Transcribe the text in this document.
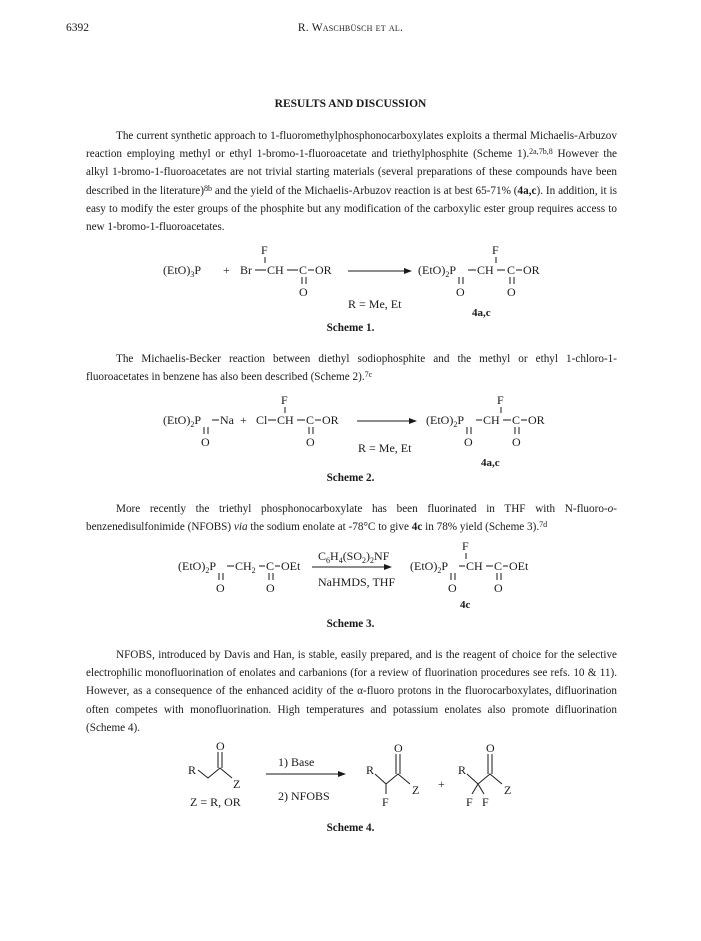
6392	R. Waschbüsch et al.
RESULTS AND DISCUSSION

The current synthetic approach to 1-fluoromethylphosphonocarboxylates exploits a thermal Michaelis-Arbuzov reaction employing methyl or ethyl 1-bromo-1-fluoroacetate and triethylphosphite (Scheme 1).$^{2a,7b,8}$ However the alkyl 1-bromo-1-fluoroacetates are not trivial starting materials (several preparations of these compounds have been described in the literature)$^{8b}$ and the yield of the Michaelis-Arbuzov reaction is at best 65-71% (4a,c). In addition, it is easy to modify the ester groups of the phosphite but any modification of the carboxylic ester group requires access to new 1-bromo-1-fluoroacetates.

$(EtO)_3P + Br$
F
CH C OR
O
R = Me, Et
$(EtO)_2P$
O
F
CH C OR
O
4a,c
Scheme 1.

The Michaelis-Becker reaction between diethyl sodiophosphite and the methyl or ethyl 1-chloro-1-fluoroacetates in benzene has also been described (Scheme 2).$^{7c}$

$(EtO)_2P$ Na
O
+ Cl
F
CH C OR
O	R = Me, Et
$(EtO)_2P$
O
F
CH C OR
O
4a,c
Scheme 2.

More recently the triethyl phosphonocarboxylate has been fluorinated in THF with N-fluoro-o-benzenedisulfonimide (NFOBS) via the sodium enolate at -78°C to give 4c in 78% yield (Scheme 3).$^{7d}$

$(EtO)_2P$
O
$CH_2$ C OEt
O
$C_6H_4(SO_2)_2NF$
NaHMDS, THF
$(EtO)_2P$
O
F
CH C OEt
O
4c
Scheme 3.

NFOBS, introduced by Davis and Han, is stable, easily prepared, and is the reagent of choice for the selective electrophilic monofluorination of enolates and carbanions (for a review of fluorination procedures see refs. 10 & 11). However, as a consequence of the enhanced acidity of the α-fluoro protons in the fluorocarboxylates, difluorination often competes with monofluorination. High temperatures and potassium enolates also promote difluorination (Scheme 4).

R
O
Z
Z = R, OR
1) Base
2) NFOBS
R
F
O
Z +
R
F F
O
Z
Scheme 4.
